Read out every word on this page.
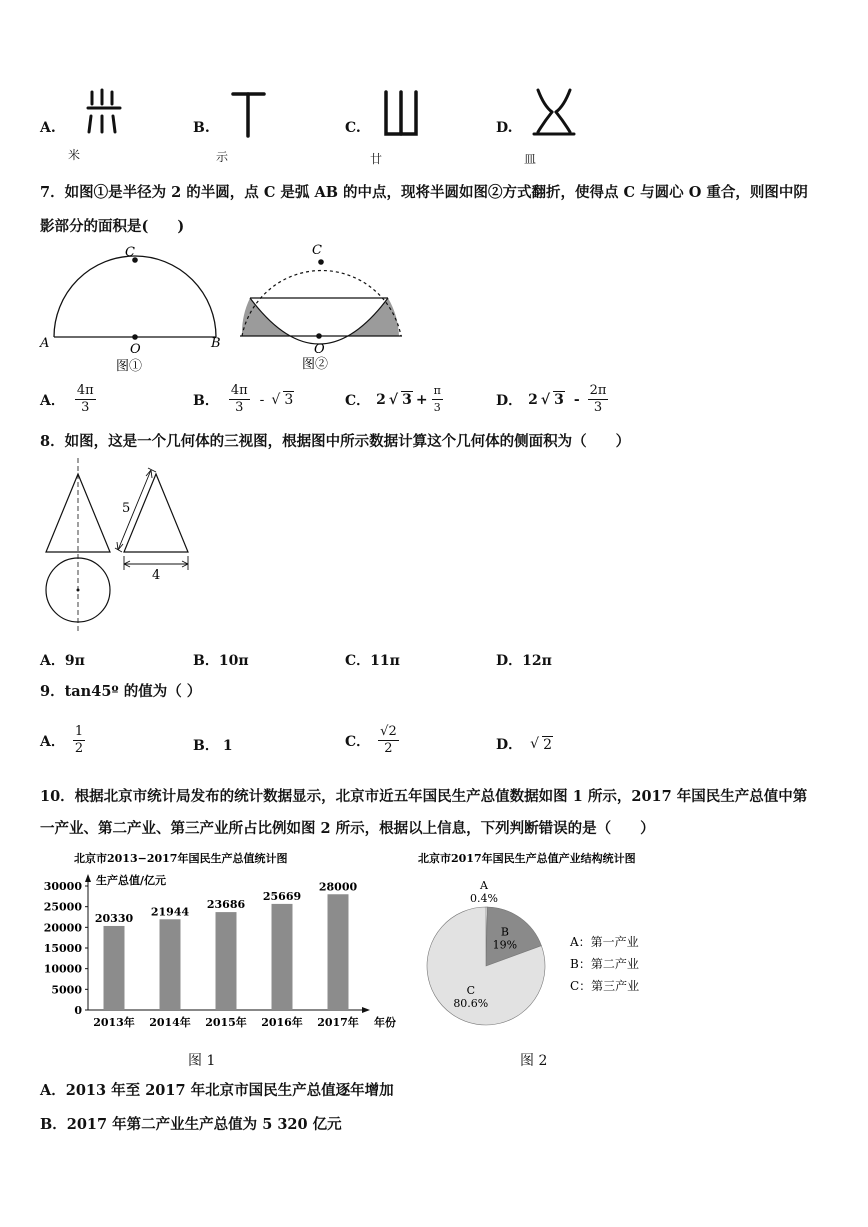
A.
米
B.
示
C.
廿
D.
皿
7．如图①是半径为 2 的半圆，点 C 是弧 AB 的中点，现将半圆如图②方式翻折，使得点 C 与圆心 O 重合，则图中阴
影部分的面积是(　　)
C
A	O	B
图①
C
O
图②
A． $\frac{4\pi}{3}$	B． $\frac{4\pi}{3}$ - √ 3	C． 2 √ $3 + \frac{\pi}{3}$	D． 2 √ $3 - \frac{2\pi}{3}$
8．如图，这是一个几何体的三视图，根据图中所示数据计算这个几何体的侧面积为（　　）
5
4
A．9π	B．10π	C．11π	D．12π
9．tan45º 的值为（ ）
A． $\frac{1}{2}$	B． 1	C． $\frac{√2}{2}$	D． √ 2
10．根据北京市统计局发布的统计数据显示，北京市近五年国民生产总值数据如图 1 所示，2017 年国民生产总值中第
一产业、第二产业、第三产业所占比例如图 2 所示，根据以上信息，下列判断错误的是（　　）
北京市2013−2017年国民生产总值统计图
生产总值/亿元
0
5000
10000
15000
20000
25000
30000
20330
2013年
21944
2014年
23686
2015年
25669
2016年
28000
2017年 年份
图 1
北京市2017年国民生产总值产业结构统计图
A
0.4%
B
19%
C
80.6%
A：第一产业
B：第二产业
C：第三产业
图 2
A．2013 年至 2017 年北京市国民生产总值逐年增加
B．2017 年第二产业生产总值为 5 320 亿元
